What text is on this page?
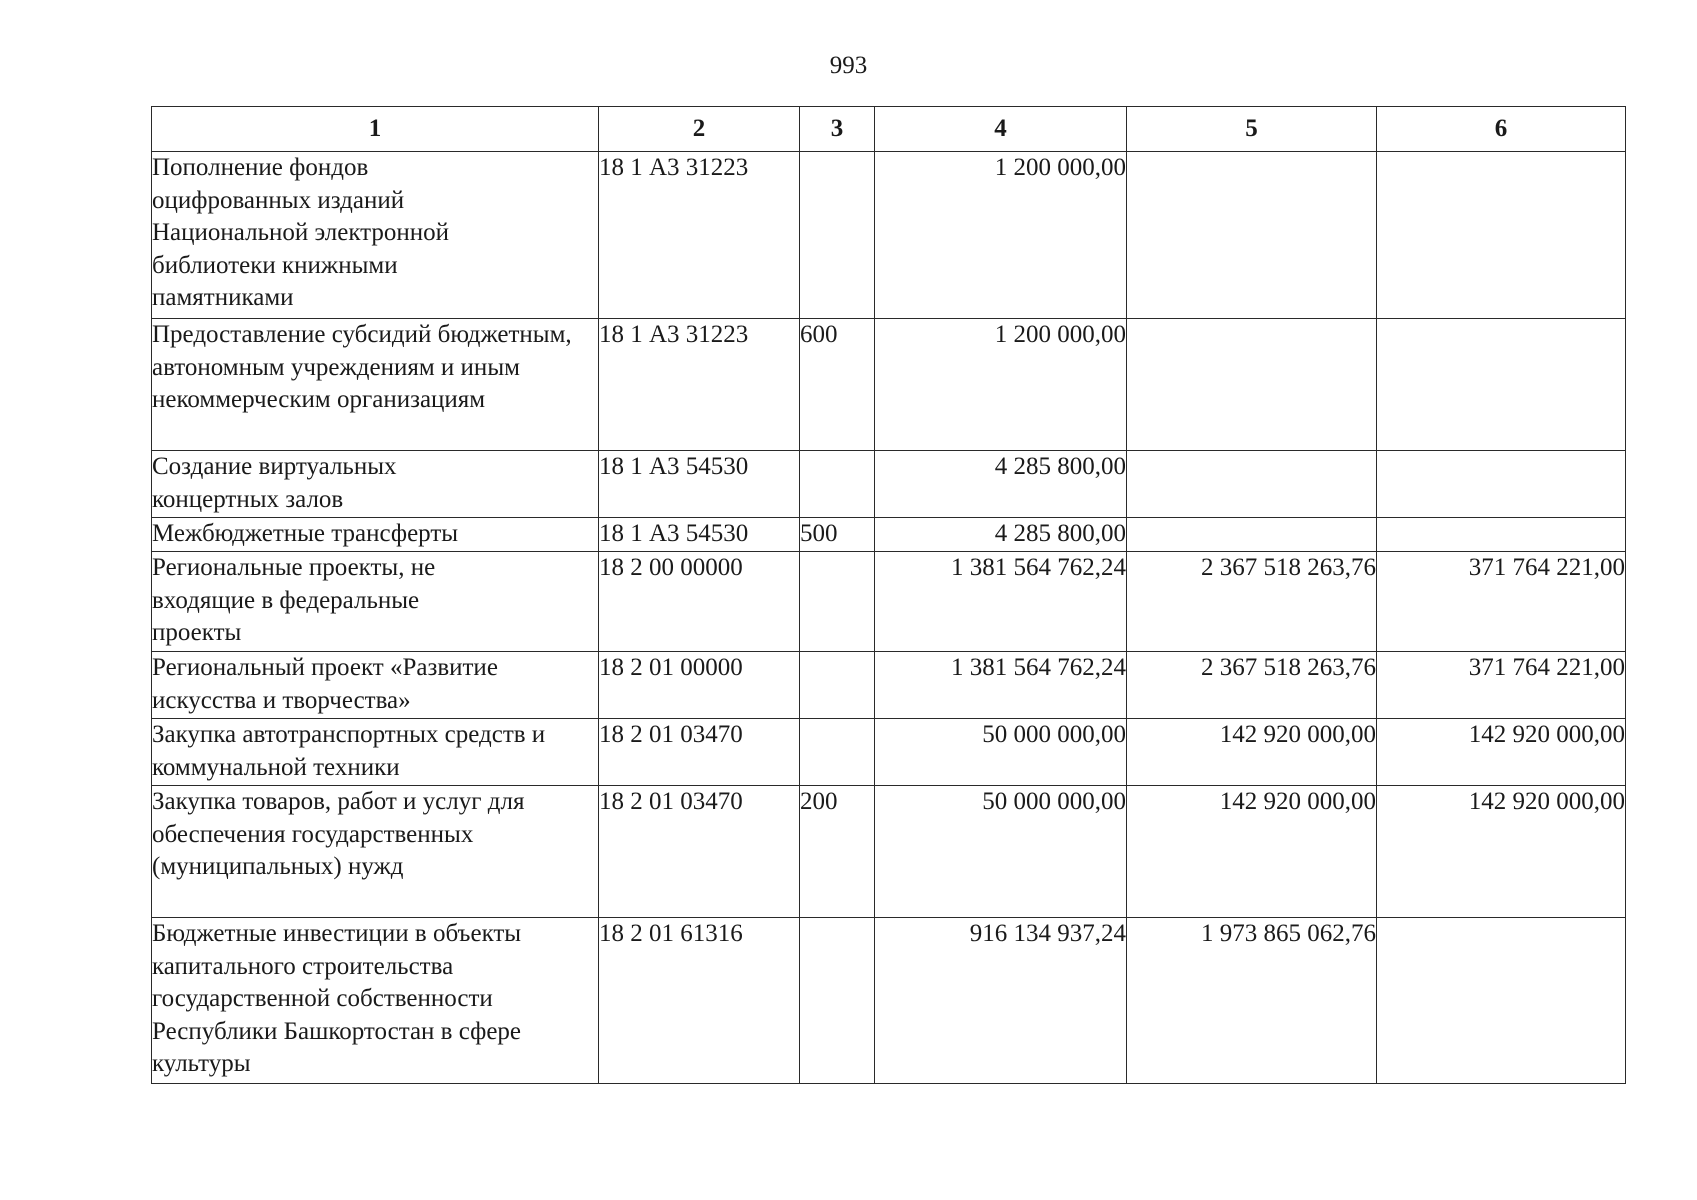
993
1	2	3	4	5	6
Пополнение фондов оцифрованных изданий Национальной электронной библиотеки книжными памятниками	18 1 А3 31223		1 200 000,00		
Предоставление субсидий бюджетным, автономным учреждениям и иным некоммерческим организациям	18 1 А3 31223	600	1 200 000,00		
Создание виртуальных концертных залов	18 1 А3 54530		4 285 800,00		
Межбюджетные трансферты	18 1 А3 54530	500	4 285 800,00		
Региональные проекты, не входящие в федеральные проекты	18 2 00 00000		1 381 564 762,24	2 367 518 263,76	371 764 221,00
Региональный проект «Развитие искусства и творчества»	18 2 01 00000		1 381 564 762,24	2 367 518 263,76	371 764 221,00
Закупка автотранспортных средств и коммунальной техники	18 2 01 03470		50 000 000,00	142 920 000,00	142 920 000,00
Закупка товаров, работ и услуг для обеспечения государственных (муниципальных) нужд	18 2 01 03470	200	50 000 000,00	142 920 000,00	142 920 000,00
Бюджетные инвестиции в объекты капитального строительства государственной собственности Республики Башкортостан в сфере культуры	18 2 01 61316		916 134 937,24	1 973 865 062,76	
